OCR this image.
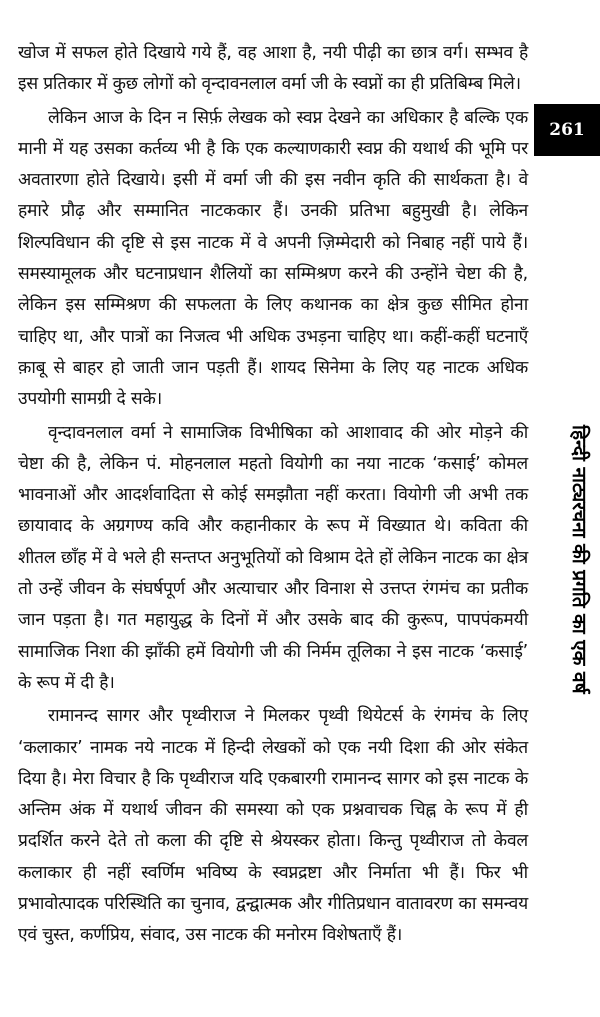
खोज में सफल होते दिखाये गये हैं, वह आशा है, नयी पीढ़ी का छात्र वर्ग। सम्भव है इस प्रतिकार में कुछ लोगों को वृन्दावनलाल वर्मा जी के स्वप्नों का ही प्रतिबिम्ब मिले।

लेकिन आज के दिन न सिर्फ़ लेखक को स्वप्न देखने का अधिकार है बल्कि एक मानी में यह उसका कर्तव्य भी है कि एक कल्याणकारी स्वप्न की यथार्थ की भूमि पर अवतारणा होते दिखाये। इसी में वर्मा जी की इस नवीन कृति की सार्थकता है। वे हमारे प्रौढ़ और सम्मानित नाटककार हैं। उनकी प्रतिभा बहुमुखी है। लेकिन शिल्पविधान की दृष्टि से इस नाटक में वे अपनी ज़िम्मेदारी को निबाह नहीं पाये हैं। समस्यामूलक और घटनाप्रधान शैलियों का सम्मिश्रण करने की उन्होंने चेष्टा की है, लेकिन इस सम्मिश्रण की सफलता के लिए कथानक का क्षेत्र कुछ सीमित होना चाहिए था, और पात्रों का निजत्व भी अधिक उभड़ना चाहिए था। कहीं-कहीं घटनाएँ क़ाबू से बाहर हो जाती जान पड़ती हैं। शायद सिनेमा के लिए यह नाटक अधिक उपयोगी सामग्री दे सके।

वृन्दावनलाल वर्मा ने सामाजिक विभीषिका को आशावाद की ओर मोड़ने की चेष्टा की है, लेकिन पं. मोहनलाल महतो वियोगी का नया नाटक ‘कसाई’ कोमल भावनाओं और आदर्शवादिता से कोई समझौता नहीं करता। वियोगी जी अभी तक छायावाद के अग्रगण्य कवि और कहानीकार के रूप में विख्यात थे। कविता की शीतल छाँह में वे भले ही सन्तप्त अनुभूतियों को विश्राम देते हों लेकिन नाटक का क्षेत्र तो उन्हें जीवन के संघर्षपूर्ण और अत्याचार और विनाश से उत्तप्त रंगमंच का प्रतीक जान पड़ता है। गत महायुद्ध के दिनों में और उसके बाद की कुरूप, पापपंकमयी सामाजिक निशा की झाँकी हमें वियोगी जी की निर्मम तूलिका ने इस नाटक ‘कसाई’ के रूप में दी है।

रामानन्द सागर और पृथ्वीराज ने मिलकर पृथ्वी थियेटर्स के रंगमंच के लिए ‘कलाकार’ नामक नये नाटक में हिन्दी लेखकों को एक नयी दिशा की ओर संकेत दिया है। मेरा विचार है कि पृथ्वीराज यदि एकबारगी रामानन्द सागर को इस नाटक के अन्तिम अंक में यथार्थ जीवन की समस्या को एक प्रश्नवाचक चिह्न के रूप में ही प्रदर्शित करने देते तो कला की दृष्टि से श्रेयस्कर होता। किन्तु पृथ्वीराज तो केवल कलाकार ही नहीं स्वर्णिम भविष्य के स्वप्नद्रष्टा और निर्माता भी हैं। फिर भी प्रभावोत्पादक परिस्थिति का चुनाव, द्वन्द्वात्मक और गीतिप्रधान वातावरण का समन्वय एवं चुस्त, कर्णप्रिय, संवाद, उस नाटक की मनोरम विशेषताएँ हैं।

261
हिन्दी नाट्यरचना की प्रगति का एक वर्ष
